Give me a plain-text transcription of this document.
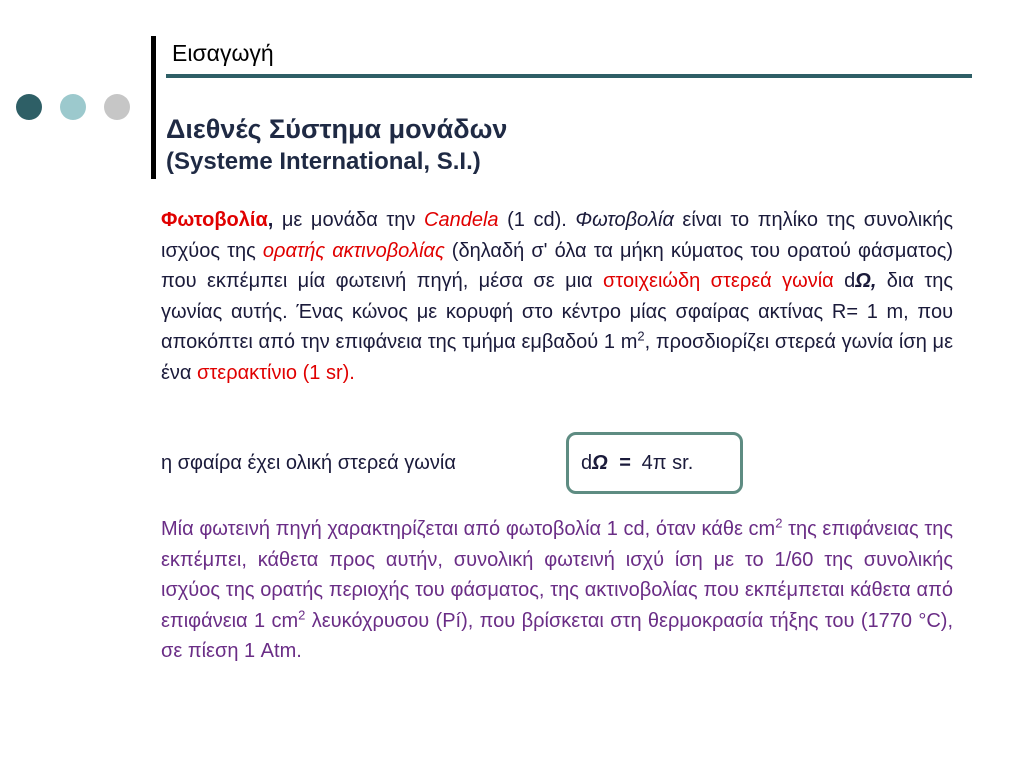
Εισαγωγή
Διεθνές Σύστημα μονάδων
(Systeme International, S.I.)
Φωτοβολία, με μονάδα την Candela (1 cd). Φωτοβολία είναι το πηλίκο της συνολικής ισχύος της ορατής ακτινοβολίας (δηλαδή σ' όλα τα μήκη κύματος του ορατού φάσματος) που εκπέμπει μία φωτεινή πηγή, μέσα σε μια στοιχειώδη στερεά γωνία dΩ, δια της γωνίας αυτής. Ένας κώνος με κορυφή στο κέντρο μίας σφαίρας ακτίνας R= 1 m, που αποκόπτει από την επιφάνεια της τμήμα εμβαδού 1 $m^2$, προσδιορίζει στερεά γωνία ίση με ένα στερακτίνιο (1 sr).
η σφαίρα έχει ολική στερεά γωνία	dΩ  =  4π sr.
Μία φωτεινή πηγή χαρακτηρίζεται από φωτοβολία 1 cd, όταν κάθε $cm^2$ της επιφάνειας της εκπέμπει, κάθετα προς αυτήν, συνολική φωτεινή ισχύ ίση με το 1/60 της συνολικής ισχύος της ορατής περιοχής του φάσματος, της ακτινοβολίας που εκπέμπεται κάθετα από επιφάνεια 1 $cm^2$ λευκόχρυσου (Pí), που βρίσκεται στη θερμοκρασία τήξης του (1770 °C), σε πίεση 1 Atm.
